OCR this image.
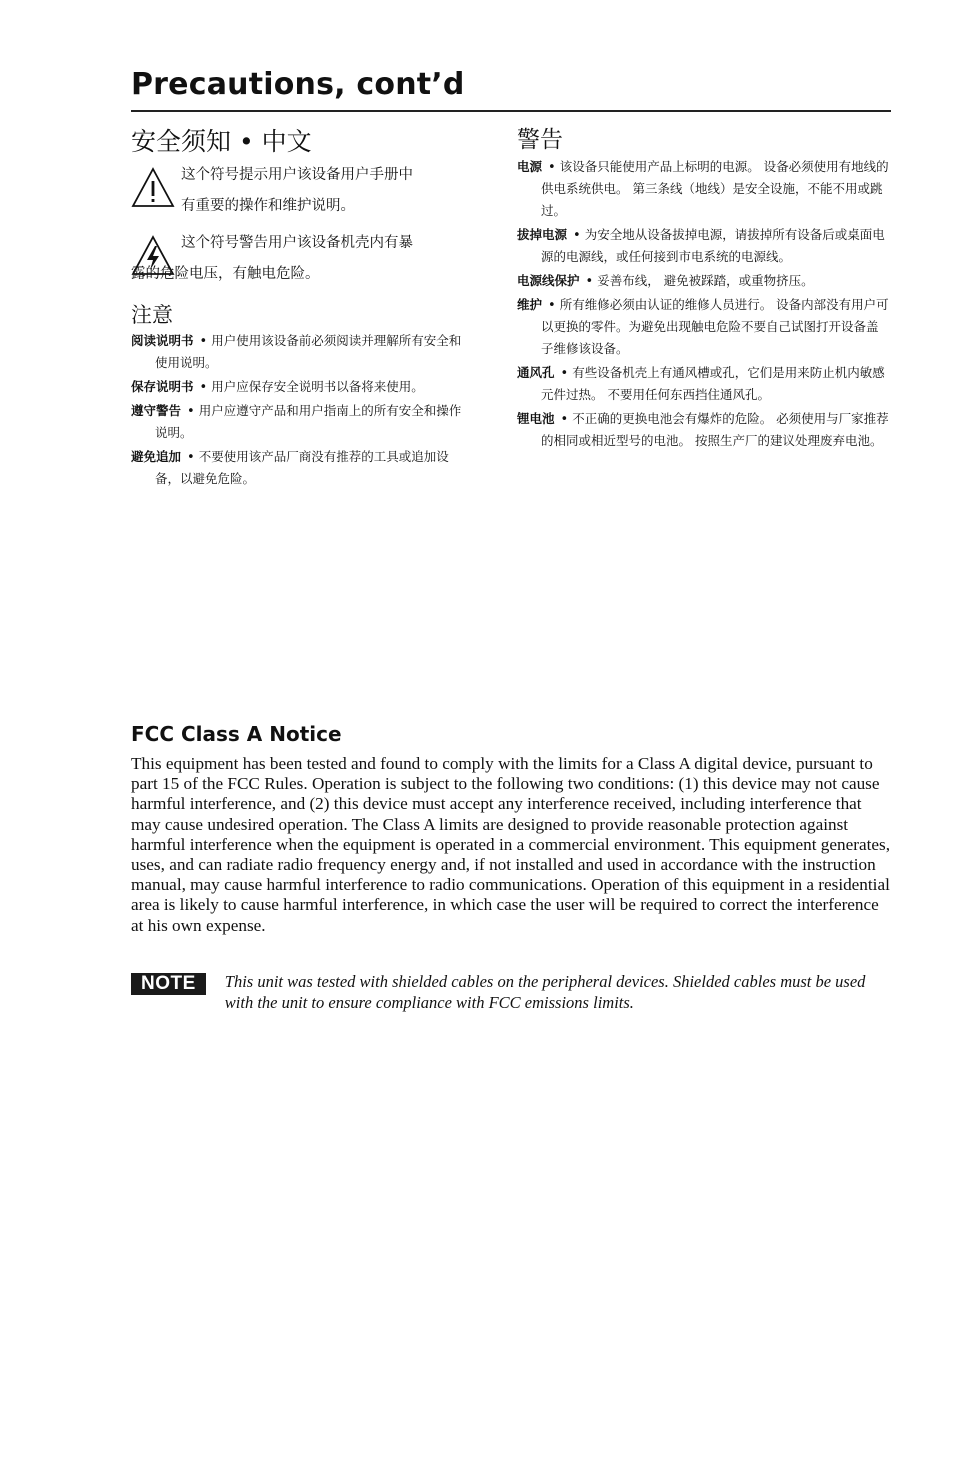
Precautions, cont’d
安全须知 • 中文
这个符号提示用户该设备用户手册中
有重要的操作和维护说明。
这个符号警告用户该设备机壳内有暴
露的危险电压，有触电危险。
注意

阅读说明书 • 用户使用该设备前必须阅读并理解所有安全和使用说明。

保存说明书 • 用户应保存安全说明书以备将来使用。

遵守警告 • 用户应遵守产品和用户指南上的所有安全和操作说明。

避免追加 • 不要使用该产品厂商没有推荐的工具或追加设备，以避免危险。

警告

电源 • 该设备只能使用产品上标明的电源。 设备必须使用有地线的供电系统供电。 第三条线（地线）是安全设施，不能不用或跳过。

拔掉电源 • 为安全地从设备拔掉电源，请拔掉所有设备后或桌面电源的电源线，或任何接到市电系统的电源线。

电源线保护 • 妥善布线， 避免被踩踏，或重物挤压。

维护 • 所有维修必须由认证的维修人员进行。 设备内部没有用户可以更换的零件。为避免出现触电危险不要自己试图打开设备盖子维修该设备。

通风孔 • 有些设备机壳上有通风槽或孔，它们是用来防止机内敏感元件过热。 不要用任何东西挡住通风孔。

锂电池 • 不正确的更换电池会有爆炸的危险。 必须使用与厂家推荐的相同或相近型号的电池。 按照生产厂的建议处理废弃电池。

FCC Class A Notice

This equipment has been tested and found to comply with the limits for a Class A digital device, pursuant to part 15 of the FCC Rules. Operation is subject to the following two conditions: (1) this device may not cause harmful interference, and (2) this device must accept any interference received, including interference that may cause undesired operation. The Class A limits are designed to provide reasonable protection against harmful interference when the equipment is operated in a commercial environment. This equipment generates, uses, and can radiate radio frequency energy and, if not installed and used in accordance with the instruction manual, may cause harmful interference to radio communications. Operation of this equipment in a residential area is likely to cause harmful interference, in which case the user will be required to correct the interference at his own expense.

NOTE	This unit was tested with shielded cables on the peripheral devices. Shielded cables must be used with the unit to ensure compliance with FCC emissions limits.
